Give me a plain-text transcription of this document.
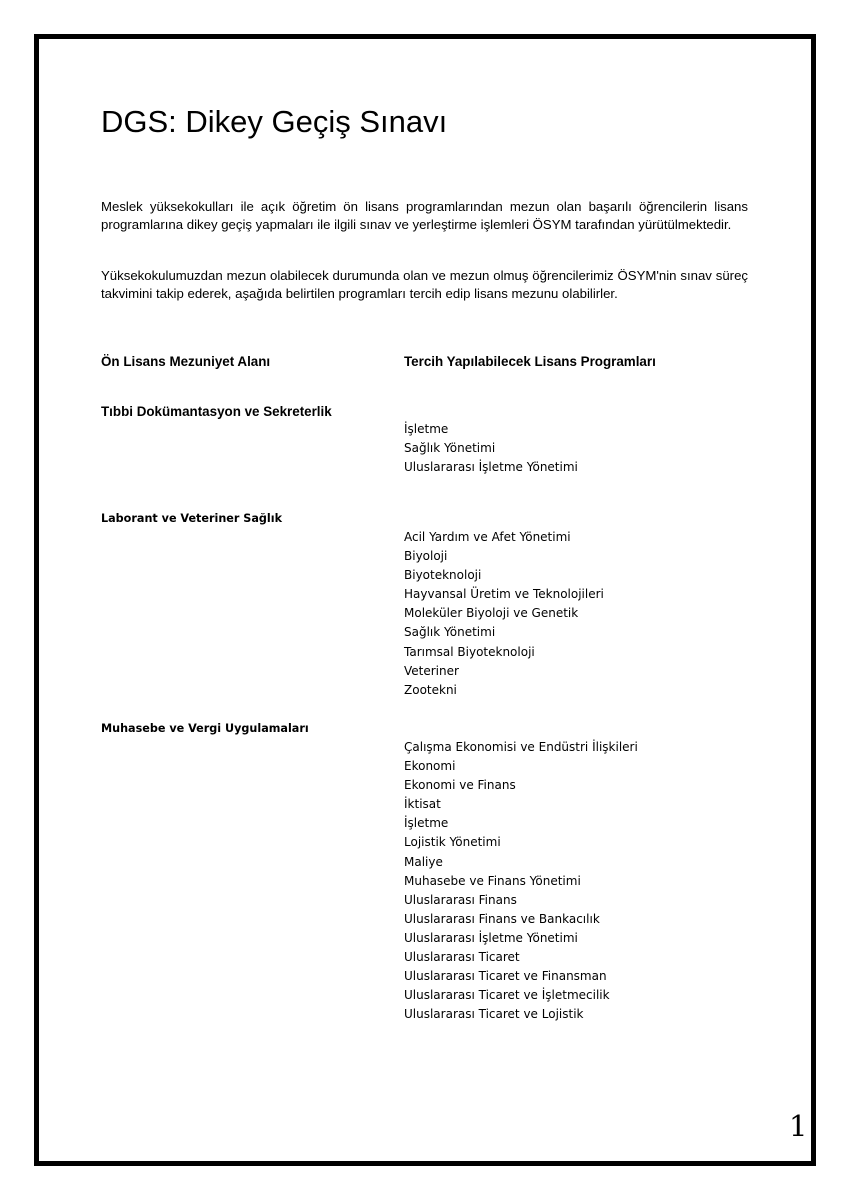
DGS: Dikey Geçiş Sınavı

Meslek yüksekokulları ile açık öğretim ön lisans programlarından mezun olan başarılı öğrencilerin lisans programlarına dikey geçiş yapmaları ile ilgili sınav ve yerleştirme işlemleri ÖSYM tarafından yürütülmektedir.

Yüksekokulumuzdan mezun olabilecek durumunda olan ve mezun olmuş öğrencilerimiz ÖSYM'nin sınav süreç takvimini takip ederek, aşağıda belirtilen programları tercih edip lisans mezunu olabilirler.

Ön Lisans Mezuniyet Alanı	Tercih Yapılabilecek Lisans Programları
Tıbbi Dokümantasyon ve Sekreterlik
İşletme
Sağlık Yönetimi
Uluslararası İşletme Yönetimi
Laborant ve Veteriner Sağlık
Acil Yardım ve Afet Yönetimi
Biyoloji
Biyoteknoloji
Hayvansal Üretim ve Teknolojileri
Moleküler Biyoloji ve Genetik
Sağlık Yönetimi
Tarımsal Biyoteknoloji
Veteriner
Zootekni
Muhasebe ve Vergi Uygulamaları
Çalışma Ekonomisi ve Endüstri İlişkileri
Ekonomi
Ekonomi ve Finans
İktisat
İşletme
Lojistik Yönetimi
Maliye
Muhasebe ve Finans Yönetimi
Uluslararası Finans
Uluslararası Finans ve Bankacılık
Uluslararası İşletme Yönetimi
Uluslararası Ticaret
Uluslararası Ticaret ve Finansman
Uluslararası Ticaret ve İşletmecilik
Uluslararası Ticaret ve Lojistik
1
